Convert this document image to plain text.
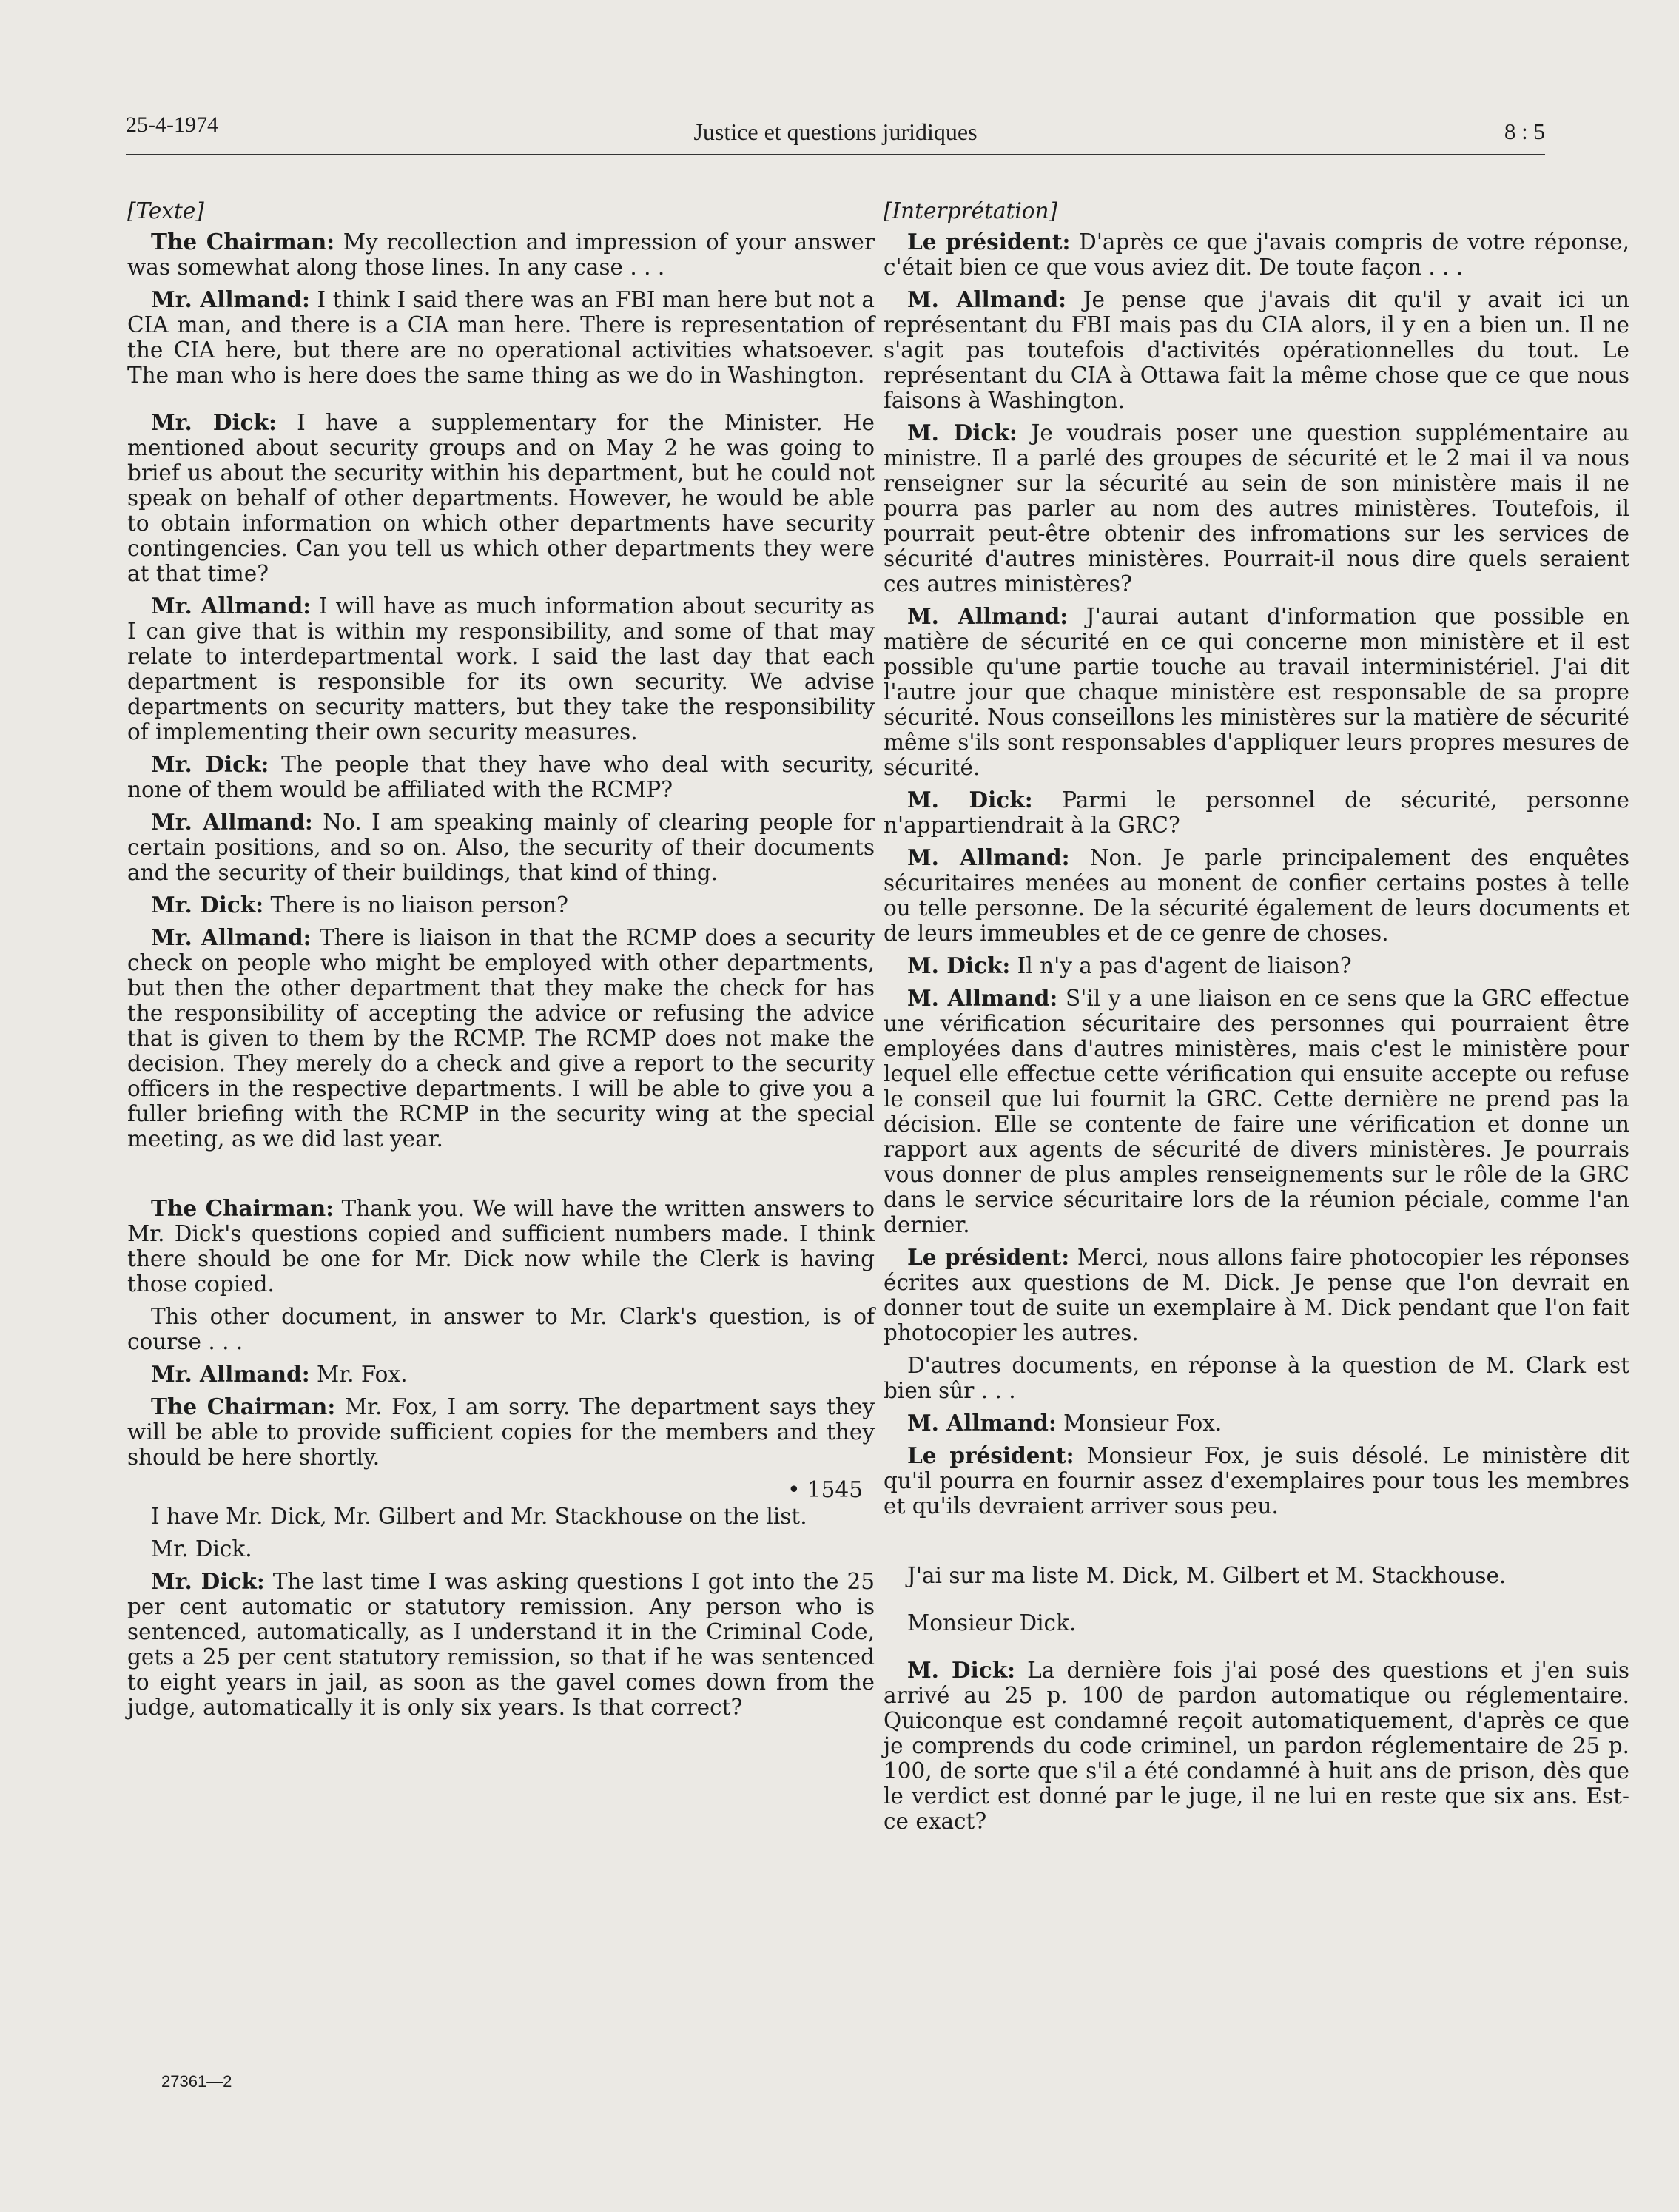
25-4-1974	Justice et questions juridiques	8 : 5
[Texte]

The Chairman: My recollection and impression of your answer was somewhat along those lines. In any case . . .

Mr. Allmand: I think I said there was an FBI man here but not a CIA man, and there is a CIA man here. There is representation of the CIA here, but there are no operational activities whatsoever. The man who is here does the same thing as we do in Washington.

Mr. Dick: I have a supplementary for the Minister. He mentioned about security groups and on May 2 he was going to brief us about the security within his department, but he could not speak on behalf of other departments. However, he would be able to obtain information on which other departments have security contingencies. Can you tell us which other departments they were at that time?

Mr. Allmand: I will have as much information about security as I can give that is within my responsibility, and some of that may relate to interdepartmental work. I said the last day that each department is responsible for its own security. We advise departments on security matters, but they take the responsibility of implementing their own security measures.

Mr. Dick: The people that they have who deal with security, none of them would be affiliated with the RCMP?

Mr. Allmand: No. I am speaking mainly of clearing people for certain positions, and so on. Also, the security of their documents and the security of their buildings, that kind of thing.

Mr. Dick: There is no liaison person?

Mr. Allmand: There is liaison in that the RCMP does a security check on people who might be employed with other departments, but then the other department that they make the check for has the responsibility of accepting the advice or refusing the advice that is given to them by the RCMP. The RCMP does not make the decision. They merely do a check and give a report to the security officers in the respective departments. I will be able to give you a fuller briefing with the RCMP in the security wing at the special meeting, as we did last year.

The Chairman: Thank you. We will have the written answers to Mr. Dick's questions copied and sufficient numbers made. I think there should be one for Mr. Dick now while the Clerk is having those copied.

This other document, in answer to Mr. Clark's question, is of course . . .

Mr. Allmand: Mr. Fox.

The Chairman: Mr. Fox, I am sorry. The department says they will be able to provide sufficient copies for the members and they should be here shortly.

• 1545

I have Mr. Dick, Mr. Gilbert and Mr. Stackhouse on the list.

Mr. Dick.

Mr. Dick: The last time I was asking questions I got into the 25 per cent automatic or statutory remission. Any person who is sentenced, automatically, as I understand it in the Criminal Code, gets a 25 per cent statutory remission, so that if he was sentenced to eight years in jail, as soon as the gavel comes down from the judge, automatically it is only six years. Is that correct?

[Interprétation]

Le président: D'après ce que j'avais compris de votre réponse, c'était bien ce que vous aviez dit. De toute façon . . .

M. Allmand: Je pense que j'avais dit qu'il y avait ici un représentant du FBI mais pas du CIA alors, il y en a bien un. Il ne s'agit pas toutefois d'activités opérationnelles du tout. Le représentant du CIA à Ottawa fait la même chose que ce que nous faisons à Washington.

M. Dick: Je voudrais poser une question supplémentaire au ministre. Il a parlé des groupes de sécurité et le 2 mai il va nous renseigner sur la sécurité au sein de son ministère mais il ne pourra pas parler au nom des autres ministères. Toutefois, il pourrait peut-être obtenir des infromations sur les services de sécurité d'autres ministères. Pourrait-il nous dire quels seraient ces autres ministères?

M. Allmand: J'aurai autant d'information que possible en matière de sécurité en ce qui concerne mon ministère et il est possible qu'une partie touche au travail interministériel. J'ai dit l'autre jour que chaque ministère est responsable de sa propre sécurité. Nous conseillons les ministères sur la matière de sécurité même s'ils sont responsables d'appliquer leurs propres mesures de sécurité.

M. Dick: Parmi le personnel de sécurité, personne n'appartiendrait à la GRC?

M. Allmand: Non. Je parle principalement des enquêtes sécuritaires menées au monent de confier certains postes à telle ou telle personne. De la sécurité également de leurs documents et de leurs immeubles et de ce genre de choses.

M. Dick: Il n'y a pas d'agent de liaison?

M. Allmand: S'il y a une liaison en ce sens que la GRC effectue une vérification sécuritaire des personnes qui pourraient être employées dans d'autres ministères, mais c'est le ministère pour lequel elle effectue cette vérification qui ensuite accepte ou refuse le conseil que lui fournit la GRC. Cette dernière ne prend pas la décision. Elle se contente de faire une vérification et donne un rapport aux agents de sécurité de divers ministères. Je pourrais vous donner de plus amples renseignements sur le rôle de la GRC dans le service sécuritaire lors de la réunion péciale, comme l'an dernier.

Le président: Merci, nous allons faire photocopier les réponses écrites aux questions de M. Dick. Je pense que l'on devrait en donner tout de suite un exemplaire à M. Dick pendant que l'on fait photocopier les autres.

D'autres documents, en réponse à la question de M. Clark est bien sûr . . .

M. Allmand: Monsieur Fox.

Le président: Monsieur Fox, je suis désolé. Le ministère dit qu'il pourra en fournir assez d'exemplaires pour tous les membres et qu'ils devraient arriver sous peu.

J'ai sur ma liste M. Dick, M. Gilbert et M. Stackhouse.

Monsieur Dick.

M. Dick: La dernière fois j'ai posé des questions et j'en suis arrivé au 25 p. 100 de pardon automatique ou réglementaire. Quiconque est condamné reçoit automatiquement, d'après ce que je comprends du code criminel, un pardon réglementaire de 25 p. 100, de sorte que s'il a été condamné à huit ans de prison, dès que le verdict est donné par le juge, il ne lui en reste que six ans. Est-ce exact?

27361—2
